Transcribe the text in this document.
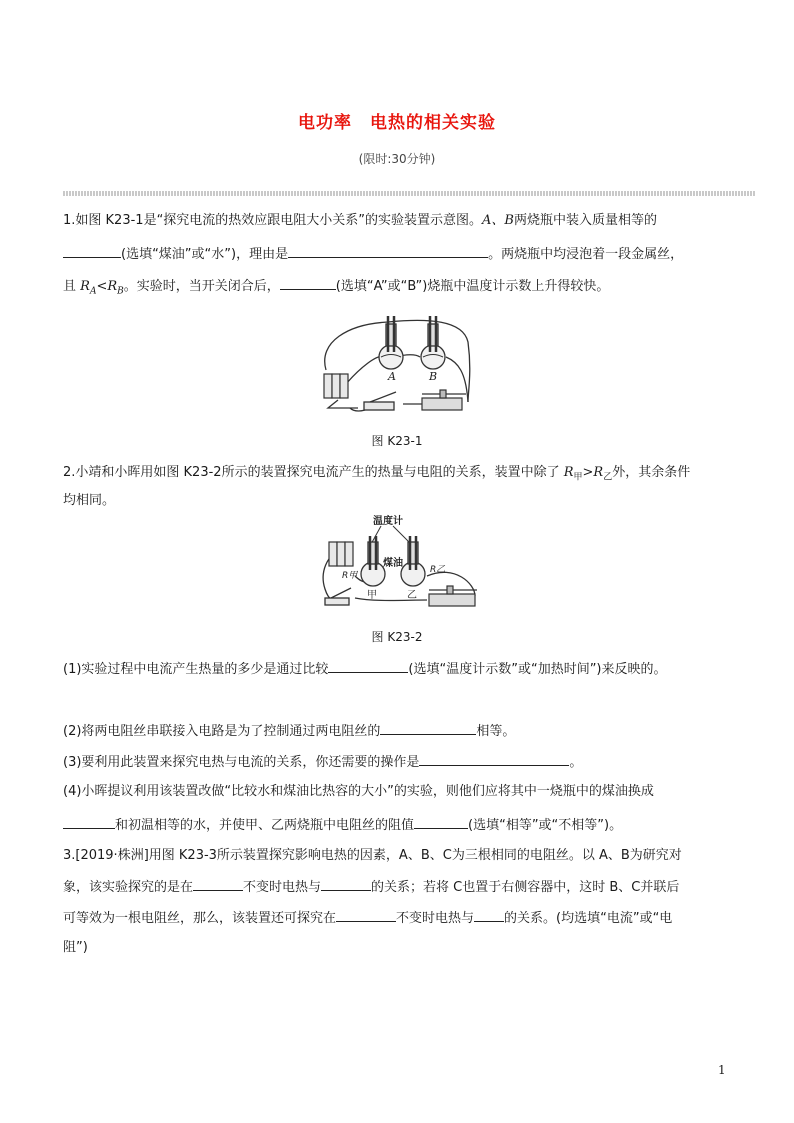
电功率　电热的相关实验
(限时:30分钟)
1.如图 K23-1是“探究电流的热效应跟电阻大小关系”的实验装置示意图。A、B两烧瓶中装入质量相等的
(选填“煤油”或“水”)，理由是	。两烧瓶中均浸泡着一段金属丝，
且 $R_A<R_B$。实验时，当开关闭合后，	(选填“A”或“B”)烧瓶中温度计示数上升得较快。
A	B
图 K23-1
2.小靖和小晖用如图 K23-2所示的装置探究电流产生的热量与电阻的关系，装置中除了 $R_甲>R_乙$外，其余条件
均相同。
温度计
煤油
R甲
R乙
甲	乙
图 K23-2
(1)实验过程中电流产生热量的多少是通过比较	(选填“温度计示数”或“加热时间”)来反映的。
(2)将两电阻丝串联接入电路是为了控制通过两电阻丝的	相等。
(3)要利用此装置来探究电热与电流的关系，你还需要的操作是	。
(4)小晖提议利用该装置改做“比较水和煤油比热容的大小”的实验，则他们应将其中一烧瓶中的煤油换成
和初温相等的水，并使甲、乙两烧瓶中电阻丝的阻值	(选填“相等”或“不相等”)。
3.[2019·株洲]用图 K23-3所示装置探究影响电热的因素，A、B、C为三根相同的电阻丝。以 A、B为研究对
象，该实验探究的是在	不变时电热与	的关系；若将 C也置于右侧容器中，这时 B、C并联后
可等效为一根电阻丝，那么，该装置还可探究在	不变时电热与 的关系。(均选填“电流”或“电
阻”)
1
